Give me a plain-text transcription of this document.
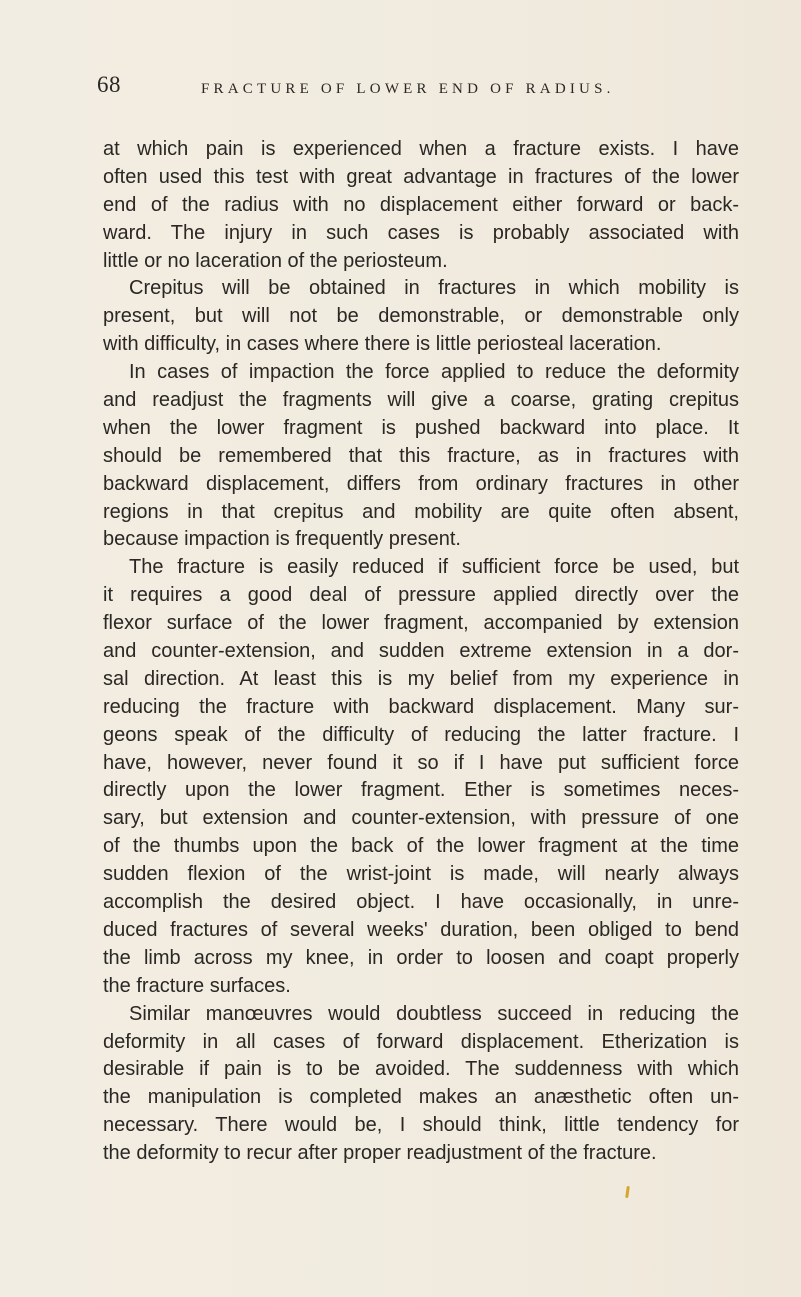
68	FRACTURE OF LOWER END OF RADIUS.
at which pain is experienced when a fracture exists. I have
often used this test with great advantage in fractures of the lower
end of the radius with no displacement either forward or back-
ward. The injury in such cases is probably associated with
little or no laceration of the periosteum.
Crepitus will be obtained in fractures in which mobility is
present, but will not be demonstrable, or demonstrable only
with difficulty, in cases where there is little periosteal laceration.
In cases of impaction the force applied to reduce the deformity
and readjust the fragments will give a coarse, grating crepitus
when the lower fragment is pushed backward into place. It
should be remembered that this fracture, as in fractures with
backward displacement, differs from ordinary fractures in other
regions in that crepitus and mobility are quite often absent,
because impaction is frequently present.
The fracture is easily reduced if sufficient force be used, but
it requires a good deal of pressure applied directly over the
flexor surface of the lower fragment, accompanied by extension
and counter-extension, and sudden extreme extension in a dor-
sal direction. At least this is my belief from my experience in
reducing the fracture with backward displacement. Many sur-
geons speak of the difficulty of reducing the latter fracture. I
have, however, never found it so if I have put sufficient force
directly upon the lower fragment. Ether is sometimes neces-
sary, but extension and counter-extension, with pressure of one
of the thumbs upon the back of the lower fragment at the time
sudden flexion of the wrist-joint is made, will nearly always
accomplish the desired object. I have occasionally, in unre-
duced fractures of several weeks' duration, been obliged to bend
the limb across my knee, in order to loosen and coapt properly
the fracture surfaces.
Similar manœuvres would doubtless succeed in reducing the
deformity in all cases of forward displacement. Etherization is
desirable if pain is to be avoided. The suddenness with which
the manipulation is completed makes an anæsthetic often un-
necessary. There would be, I should think, little tendency for
the deformity to recur after proper readjustment of the fracture.
